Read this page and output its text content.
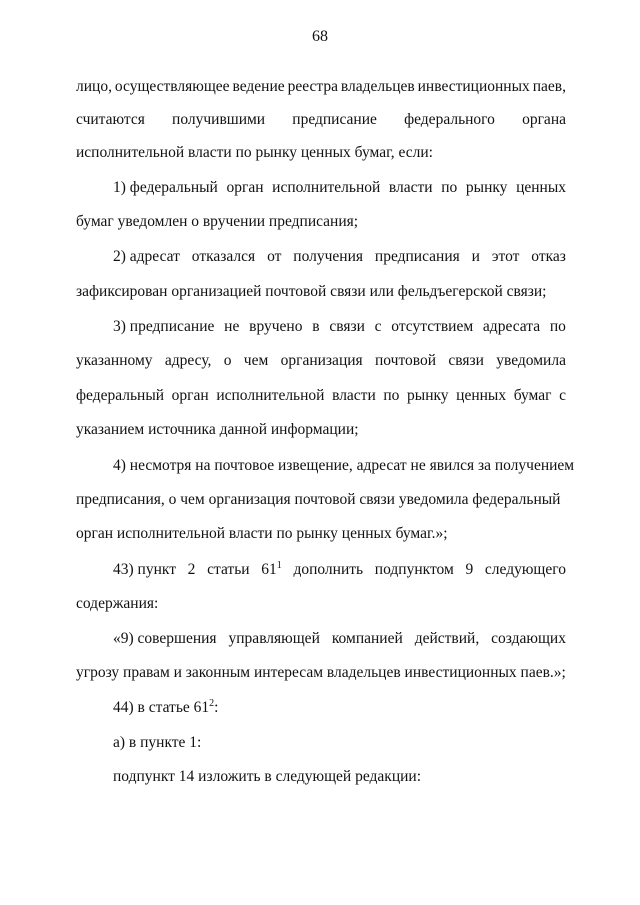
68
лицо, осуществляющее ведение реестра владельцев инвестиционных паев,
считаются получившими предписание федерального органа
исполнительной власти по рынку ценных бумаг, если:
1) федеральный орган исполнительной власти по рынку ценных
бумаг уведомлен о вручении предписания;
2) адресат отказался от получения предписания и этот отказ
зафиксирован организацией почтовой связи или фельдъегерской связи;
3) предписание не вручено в связи с отсутствием адресата по
указанному адресу, о чем организация почтовой связи уведомила
федеральный орган исполнительной власти по рынку ценных бумаг с
указанием источника данной информации;
4) несмотря на почтовое извещение, адресат не явился за получением
предписания, о чем организация почтовой связи уведомила федеральный
орган исполнительной власти по рынку ценных бумаг.»;
43) пункт 2 статьи $61^1$ дополнить подпунктом 9 следующего
содержания:
«9) совершения управляющей компанией действий, создающих
угрозу правам и законным интересам владельцев инвестиционных паев.»;
44) в статье $61^2$:
а) в пункте 1:
подпункт 14 изложить в следующей редакции:
